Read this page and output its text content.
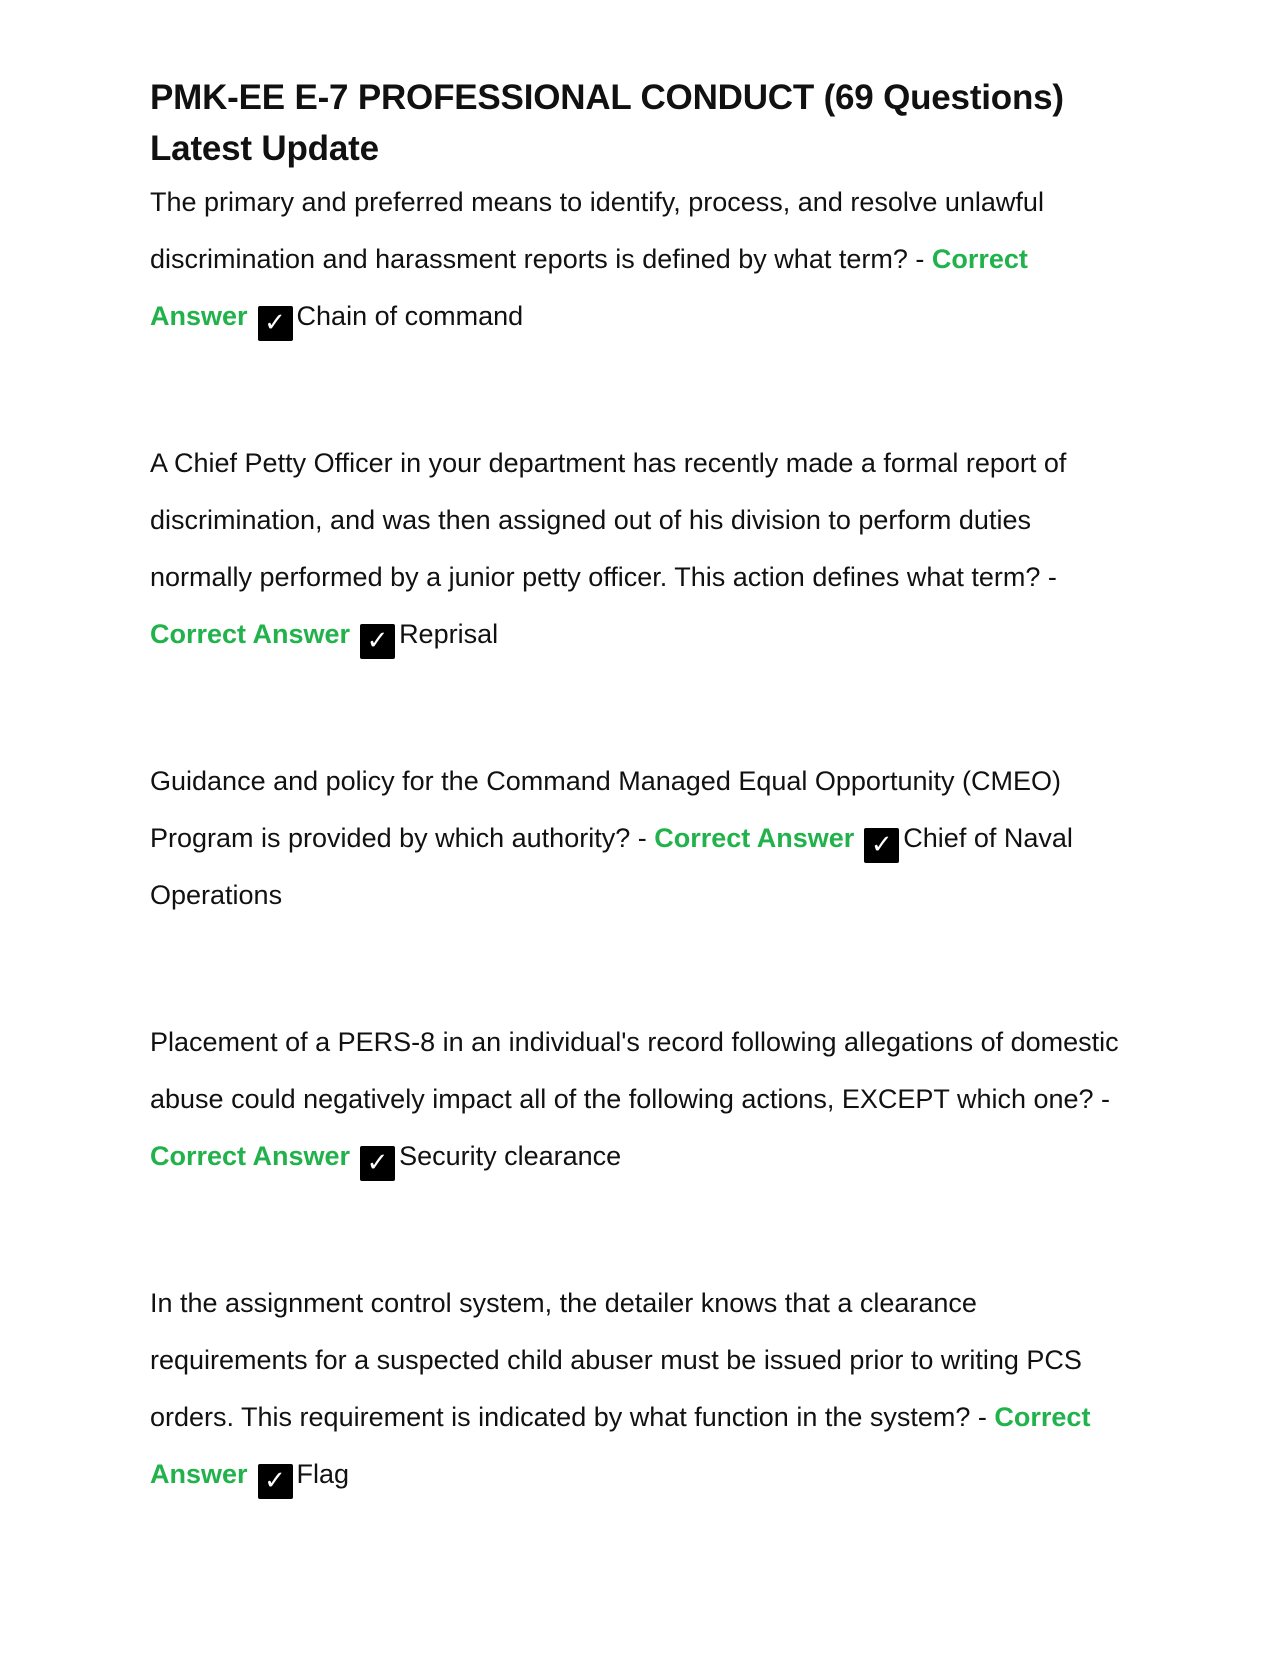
PMK-EE E-7 PROFESSIONAL CONDUCT (69 Questions) Latest Update

The primary and preferred means to identify, process, and resolve unlawful discrimination and harassment reports is defined by what term? - Correct Answer ✓ Chain of command

A Chief Petty Officer in your department has recently made a formal report of discrimination, and was then assigned out of his division to perform duties normally performed by a junior petty officer. This action defines what term? - Correct Answer ✓ Reprisal

Guidance and policy for the Command Managed Equal Opportunity (CMEO) Program is provided by which authority? - Correct Answer ✓ Chief of Naval Operations

Placement of a PERS-8 in an individual's record following allegations of domestic abuse could negatively impact all of the following actions, EXCEPT which one? - Correct Answer ✓ Security clearance

In the assignment control system, the detailer knows that a clearance requirements for a suspected child abuser must be issued prior to writing PCS orders. This requirement is indicated by what function in the system? - Correct Answer ✓ Flag
